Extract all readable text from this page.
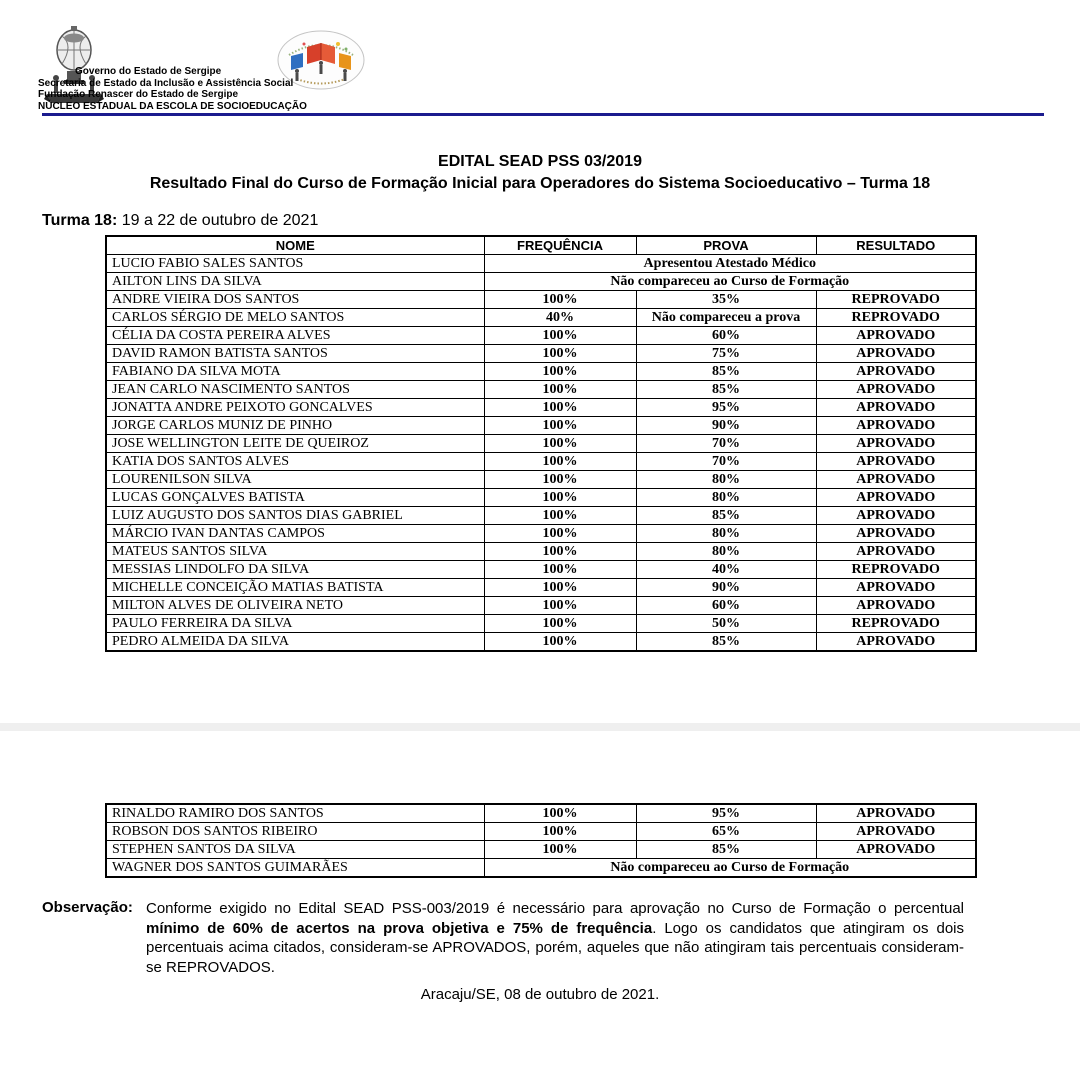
Governo do Estado de Sergipe
Secretaria de Estado da Inclusão e Assistência Social
Fundação Renascer do Estado de Sergipe
NÚCLEO ESTADUAL DA ESCOLA DE SOCIOEDUCAÇÃO
EDITAL SEAD PSS 03/2019
Resultado Final do Curso de Formação Inicial para Operadores do Sistema Socioeducativo – Turma 18
Turma 18: 19 a 22 de outubro de 2021
NOME	FREQUÊNCIA	PROVA	RESULTADO
LUCIO FABIO SALES SANTOS	Apresentou Atestado Médico		
AILTON LINS DA SILVA	Não compareceu ao Curso de Formação		
ANDRE VIEIRA DOS SANTOS	100%	35%	REPROVADO
CARLOS SÉRGIO DE MELO SANTOS	40%	Não compareceu a prova	REPROVADO
CÉLIA DA COSTA PEREIRA ALVES	100%	60%	APROVADO
DAVID RAMON BATISTA SANTOS	100%	75%	APROVADO
FABIANO DA SILVA MOTA	100%	85%	APROVADO
JEAN CARLO NASCIMENTO SANTOS	100%	85%	APROVADO
JONATTA ANDRE PEIXOTO GONCALVES	100%	95%	APROVADO
JORGE CARLOS MUNIZ DE PINHO	100%	90%	APROVADO
JOSE WELLINGTON LEITE DE QUEIROZ	100%	70%	APROVADO
KATIA DOS SANTOS ALVES	100%	70%	APROVADO
LOURENILSON SILVA	100%	80%	APROVADO
LUCAS GONÇALVES BATISTA	100%	80%	APROVADO
LUIZ AUGUSTO DOS SANTOS DIAS GABRIEL	100%	85%	APROVADO
MÁRCIO IVAN DANTAS CAMPOS	100%	80%	APROVADO
MATEUS SANTOS SILVA	100%	80%	APROVADO
MESSIAS LINDOLFO DA SILVA	100%	40%	REPROVADO
MICHELLE CONCEIÇÃO MATIAS BATISTA	100%	90%	APROVADO
MILTON ALVES DE OLIVEIRA NETO	100%	60%	APROVADO
PAULO FERREIRA DA SILVA	100%	50%	REPROVADO
PEDRO ALMEIDA DA SILVA	100%	85%	APROVADO
RINALDO RAMIRO DOS SANTOS	100%	95%	APROVADO
ROBSON DOS SANTOS RIBEIRO	100%	65%	APROVADO
STEPHEN SANTOS DA SILVA	100%	85%	APROVADO
WAGNER DOS SANTOS GUIMARÃES	Não compareceu ao Curso de Formação		
Observação: Conforme exigido no Edital SEAD PSS-003/2019 é necessário para aprovação no Curso de Formação o percentual mínimo de 60% de acertos na prova objetiva e 75% de frequência. Logo os candidatos que atingiram os dois percentuais acima citados, consideram-se APROVADOS, porém, aqueles que não atingiram tais percentuais consideram-se REPROVADOS.
Aracaju/SE, 08 de outubro de 2021.
